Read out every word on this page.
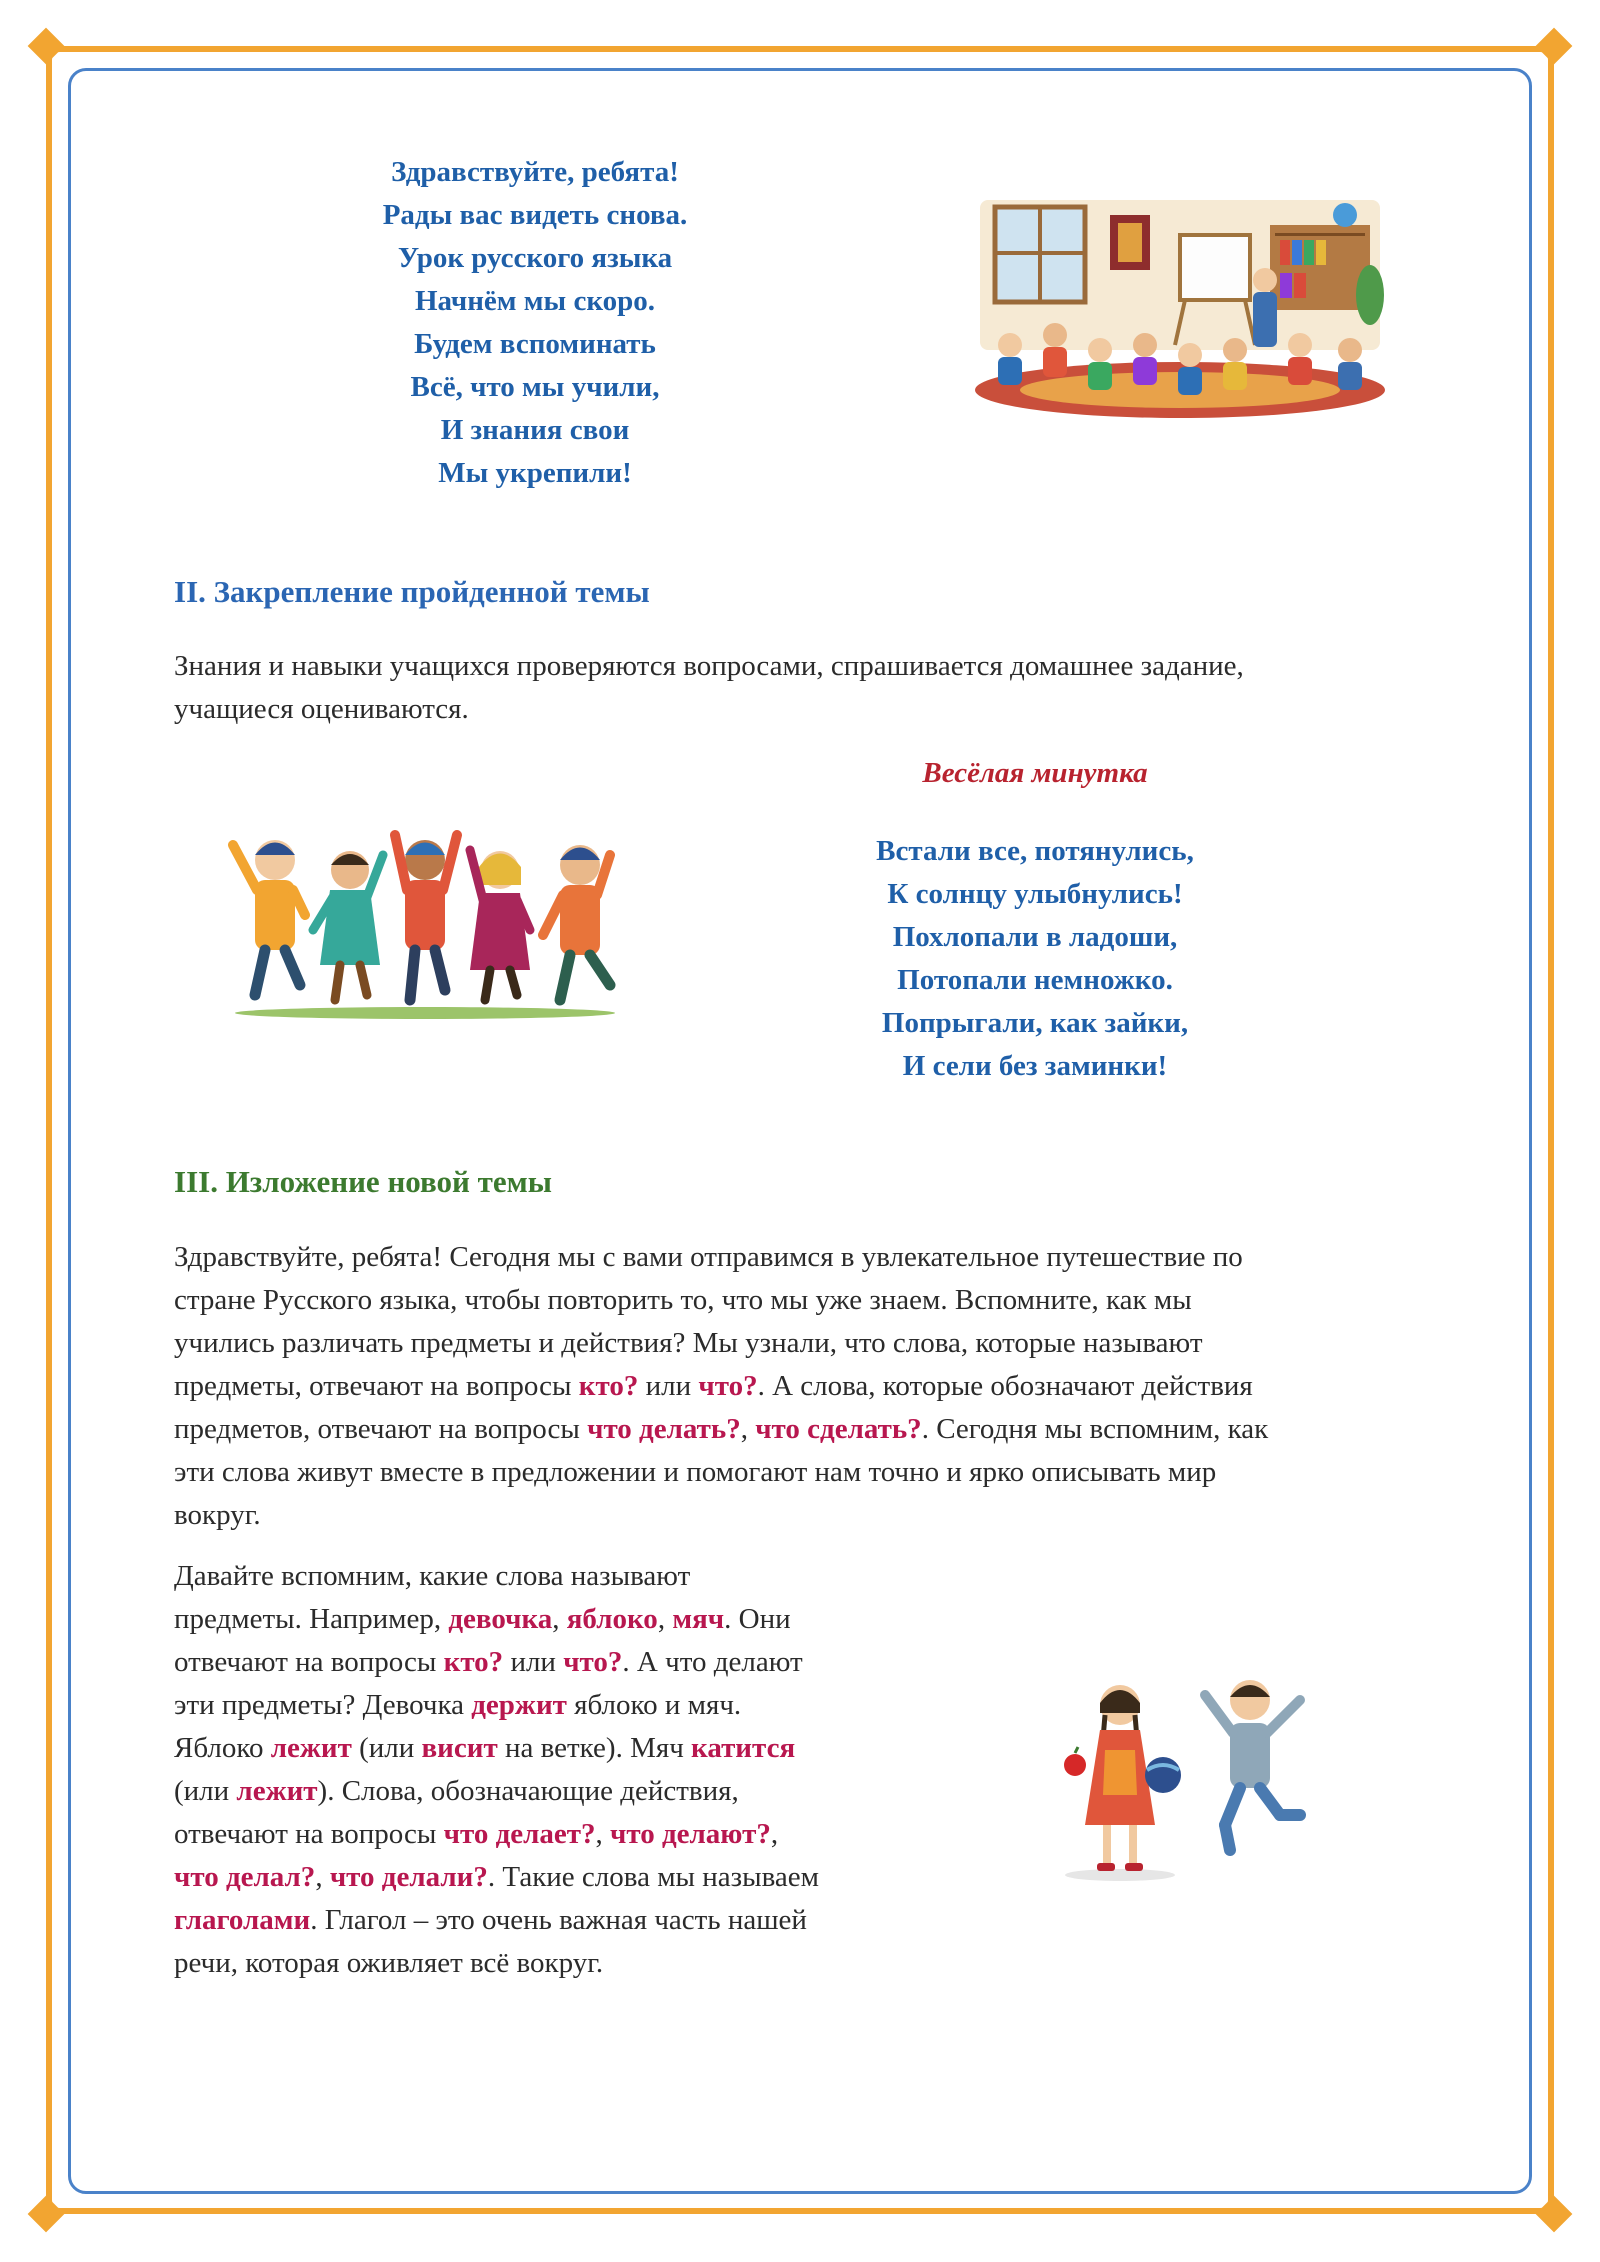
Здравствуйте, ребята!
Рады вас видеть снова.
Урок русского языка
Начнём мы скоро.
Будем вспоминать
Всё, что мы учили,
И знания свои
Мы укрепили!
II. Закрепление пройденной темы
Знания и навыки учащихся проверяются вопросами, спрашивается домашнее задание,
учащиеся оцениваются.
Весёлая минутка
Встали все, потянулись,
К солнцу улыбнулись!
Похлопали в ладоши,
Потопали немножко.
Попрыгали, как зайки,
И сели без заминки!
III. Изложение новой темы
Здравствуйте, ребята! Сегодня мы с вами отправимся в увлекательное путешествие по
стране Русского языка, чтобы повторить то, что мы уже знаем. Вспомните, как мы
учились различать предметы и действия? Мы узнали, что слова, которые называют
предметы, отвечают на вопросы кто? или что?. А слова, которые обозначают действия
предметов, отвечают на вопросы что делать?, что сделать?. Сегодня мы вспомним, как
эти слова живут вместе в предложении и помогают нам точно и ярко описывать мир
вокруг.
Давайте вспомним, какие слова называют
предметы. Например, девочка, яблоко, мяч. Они
отвечают на вопросы кто? или что?. А что делают
эти предметы? Девочка держит яблоко и мяч.
Яблоко лежит (или висит на ветке). Мяч катится
(или лежит). Слова, обозначающие действия,
отвечают на вопросы что делает?, что делают?,
что делал?, что делали?. Такие слова мы называем
глаголами. Глагол – это очень важная часть нашей
речи, которая оживляет всё вокруг.
